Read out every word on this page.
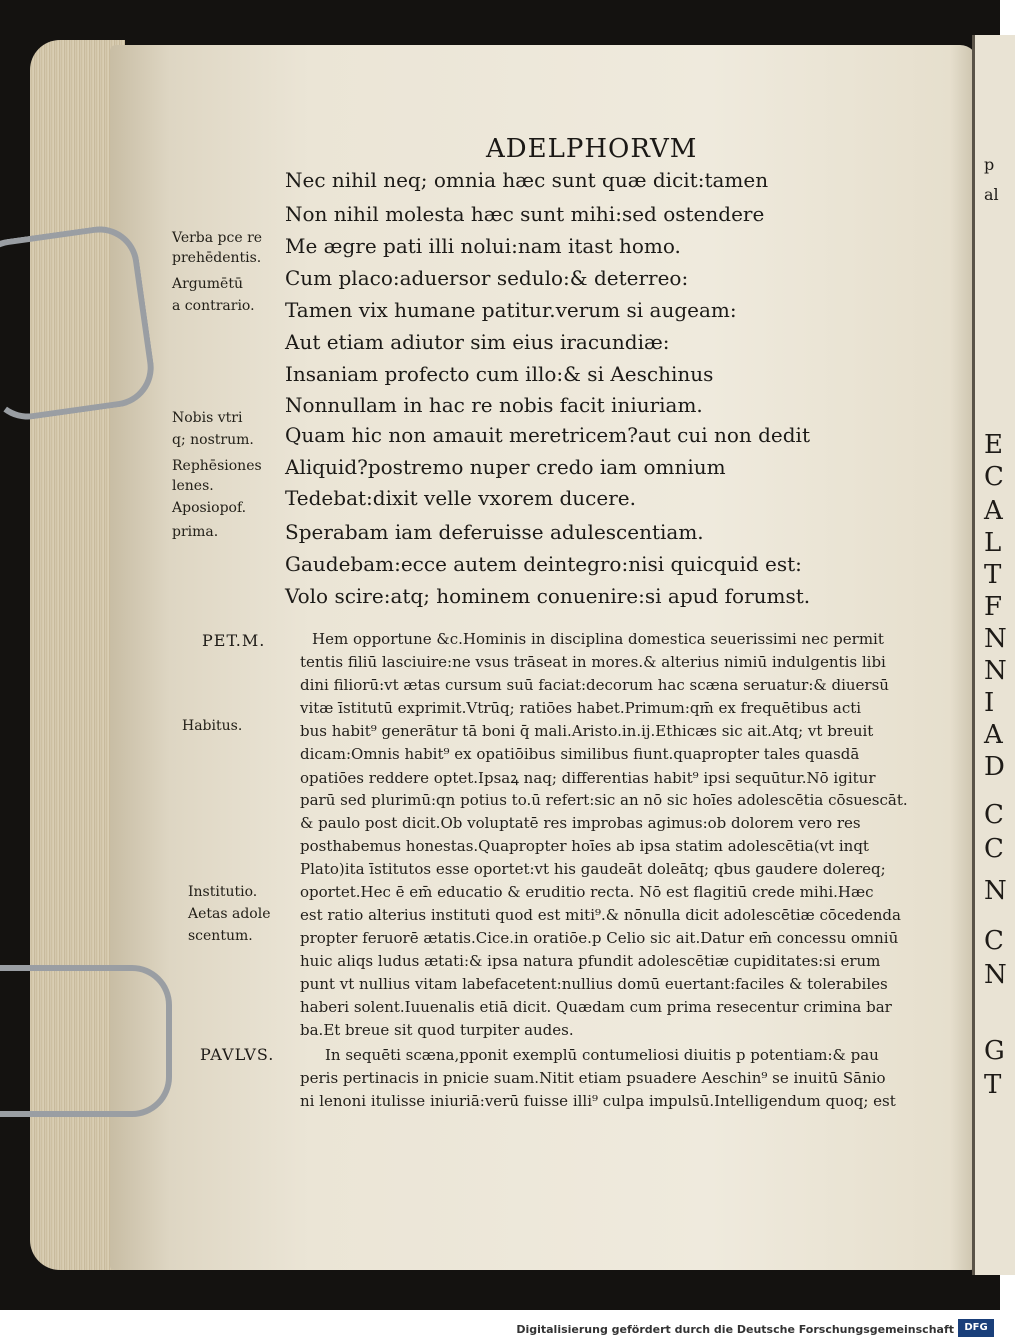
ADELPHORVM
Nec nihil neq; omnia hæc sunt quæ dicit:tamen
Non nihil molesta hæc sunt mihi:sed ostendere
Me ægre pati illi nolui:nam itast homo.
Cum placo:aduersor sedulo:& deterreo:
Tamen vix humane patitur.verum si augeam:
Aut etiam adiutor sim eius iracundiæ:
Insaniam profecto cum illo:& si Aeschinus
Nonnullam in hac re nobis facit iniuriam.
Quam hic non amauit meretricem?aut cui non dedit
Aliquid?postremo nuper credo iam omnium
Tedebat:dixit velle vxorem ducere.
Sperabam iam deferuisse adulescentiam.
Gaudebam:ecce autem deintegro:nisi quicquid est:
Volo scire:atq; hominem conuenire:si apud forumst.
Verba pce re
prehēdentis.
Argumētū
a contrario.
Nobis vtri
q; nostrum.
Rephēsiones
lenes.
Aposiopof.
prima.
Habitus.
Institutio.
Aetas adole
scentum.
PET.M.	Hem opportune &c.Hominis in disciplina domestica seuerissimi nec permit
tentis filiū lasciuire:ne vsus trāseat in mores.& alterius nimiū indulgentis libi
dini filiorū:vt ætas cursum suū faciat:decorum hac scæna seruatur:& diuersū
vitæ īstitutū exprimit.Vtrūq; ratiōes habet.Primum:qm̄ ex frequētibus acti
bus habit⁹ generātur tā boni q̄ mali.Aristo.in.ij.Ethicæs sic ait.Atq; vt breuit
dicam:Omnis habit⁹ ex opatiōibus similibus fiunt.quapropter tales quasdā
opatiōes reddere optet.Ipsaꝝ naq; differentias habit⁹ ipsi sequūtur.Nō igitur
parū sed plurimū:qn potius to.ū refert:sic an nō sic hoīes adolescētia cōsuescāt.
& paulo post dicit.Ob voluptatē res improbas agimus:ob dolorem vero res
posthabemus honestas.Quapropter hoīes ab ipsa statim adolescētia(vt inqt
Plato)ita īstitutos esse oportet:vt his gaudeāt doleātq; qbus gaudere dolereq;
oportet.Hec ē em̄ educatio & eruditio recta. Nō est flagitiū crede mihi.Hæc
est ratio alterius instituti quod est miti⁹.& nōnulla dicit adolescētiæ cōcedenda
propter feruorē ætatis.Cice.in oratiōe.p Celio sic ait.Datur em̄ concessu omniū
huic aliqs ludus ætati:& ipsa natura pfundit adolescētiæ cupiditates:si erum
punt vt nullius vitam labefacetent:nullius domū euertant:faciles & tolerabiles
haberi solent.Iuuenalis etiā dicit. Quædam cum prima resecentur crimina bar
ba.Et breue sit quod turpiter audes.
PAVLVS.	In sequēti scæna,pponit exemplū contumeliosi diuitis p potentiam:& pau
peris pertinacis in pnicie suam.Nitit etiam psuadere Aeschin⁹ se inuitū Sānio
ni lenoni itulisse iniuriā:verū fuisse illi⁹ culpa impulsū.Intelligendum quoq; est
p
al
E
C
A
L
T
F
N
N
I
A
D
C
C
N
C
N
G
T
Digitalisierung gefördert durch die Deutsche Forschungsgemeinschaft	DFG
